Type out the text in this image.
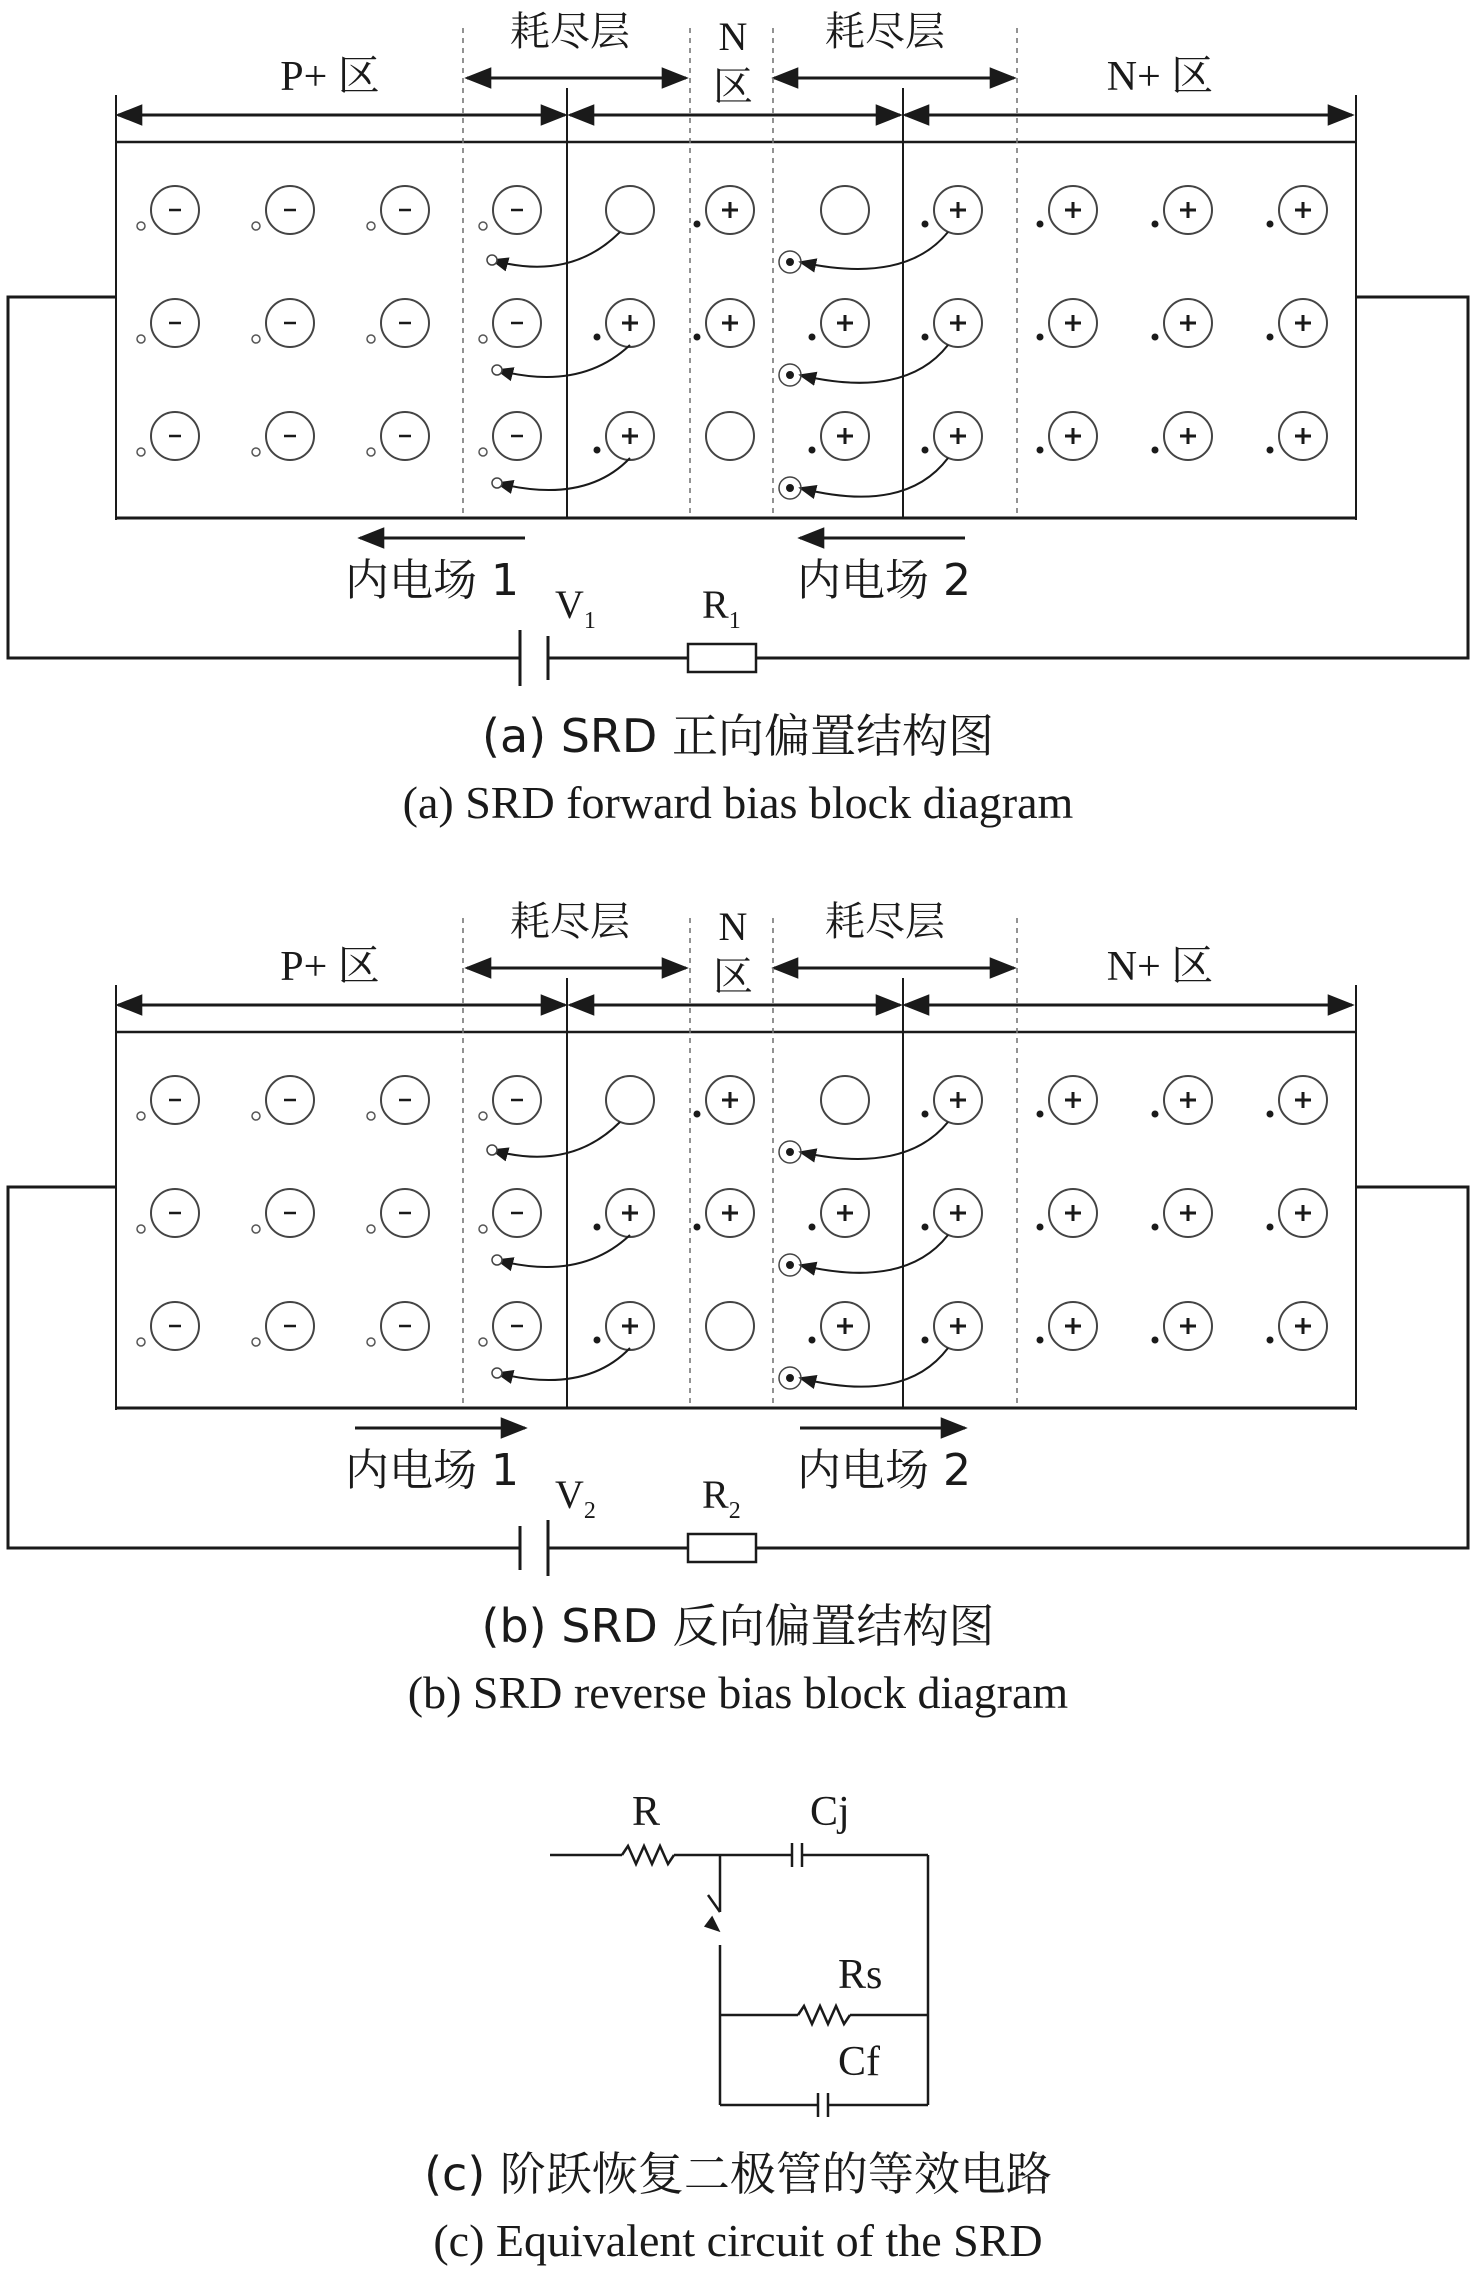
P+ 区
耗尽层 N
区
耗尽层
N+ 区
内电场 1	内电场 2
$V_1$	$R_1$
(a) SRD 正向偏置结构图
(a) SRD forward bias block diagram
P+ 区
耗尽层 N
区
耗尽层
N+ 区
内电场 1	内电场 2
$V_2$	$R_2$
(b) SRD 反向偏置结构图
(b) SRD reverse bias block diagram
R	Cj
Rs
Cf
(c) 阶跃恢复二极管的等效电路
(c) Equivalent circuit of the SRD
